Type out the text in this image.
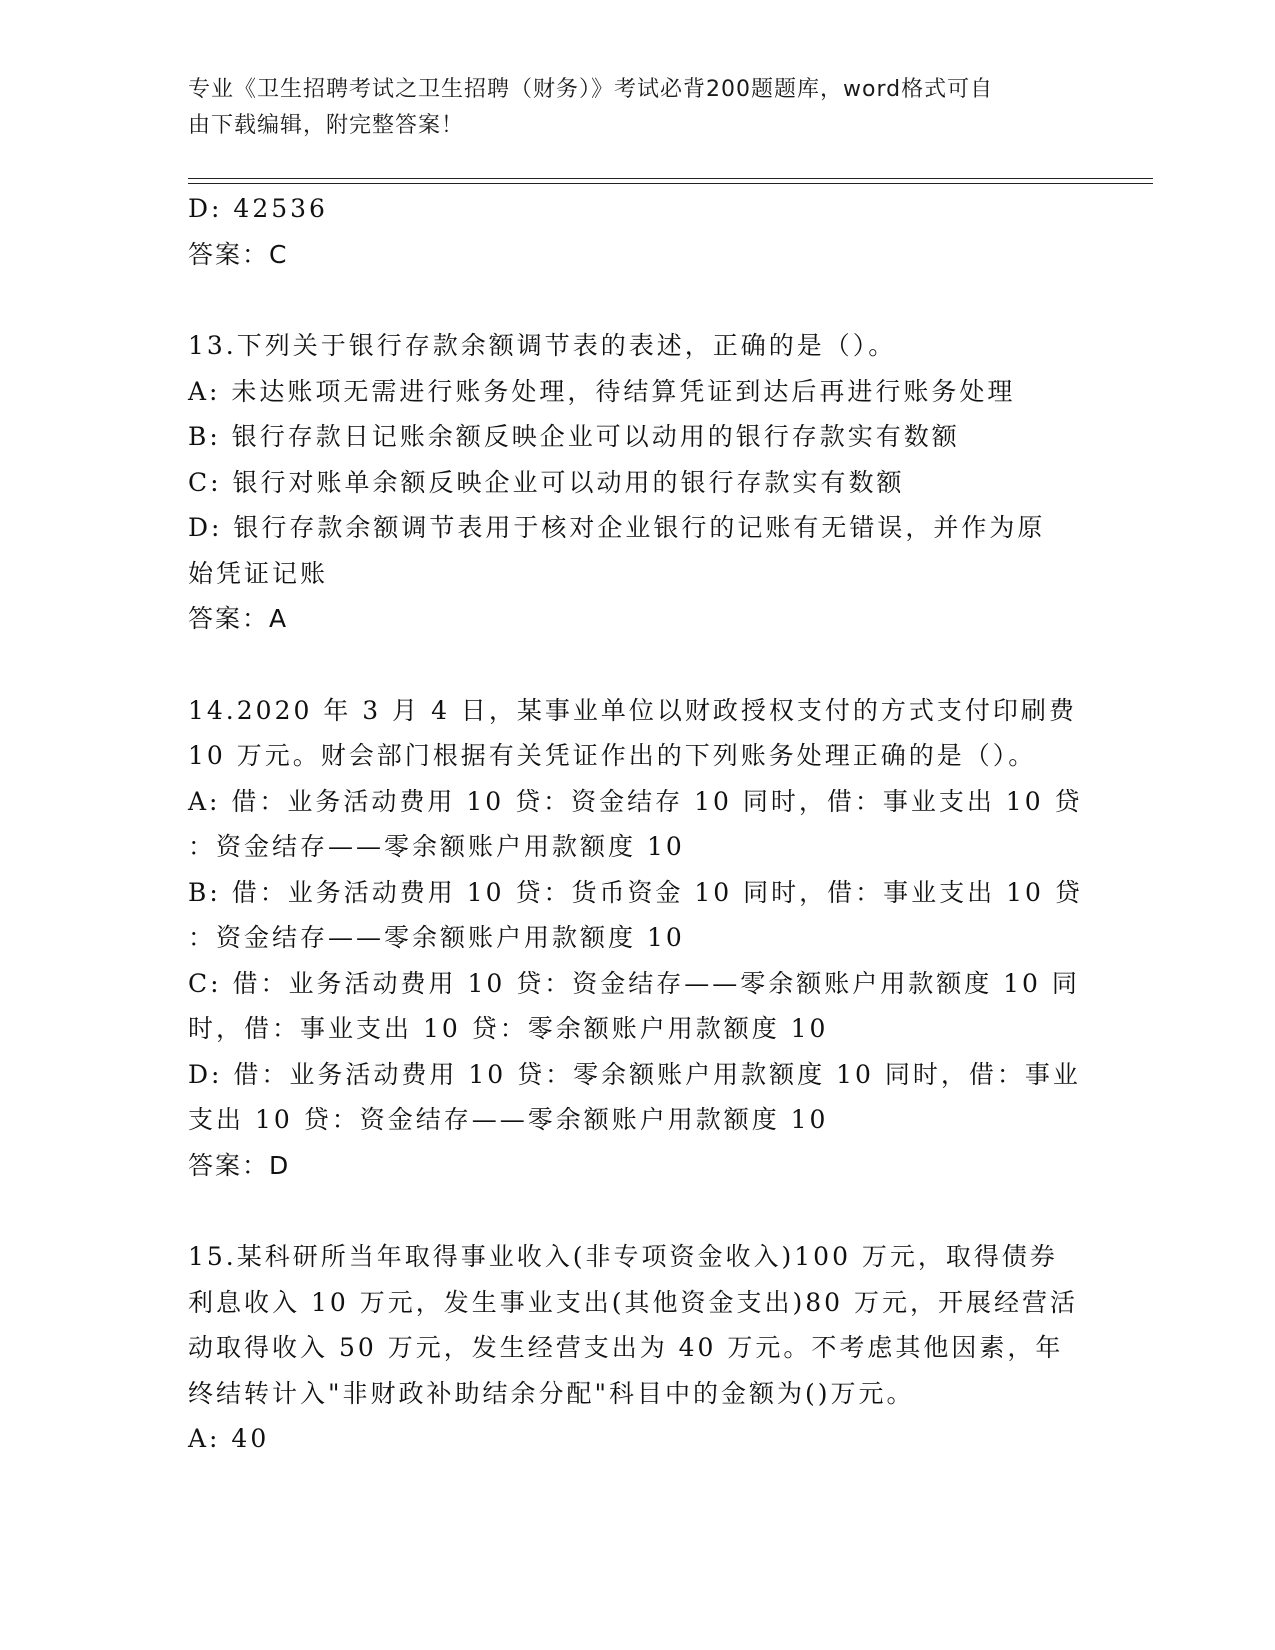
专业《卫生招聘考试之卫生招聘（财务）》考试必背200题题库，word格式可自
由下载编辑，附完整答案！
D: 42536
答案：C
13.下列关于银行存款余额调节表的表述，正确的是（）。
A: 未达账项无需进行账务处理，待结算凭证到达后再进行账务处理
B: 银行存款日记账余额反映企业可以动用的银行存款实有数额
C: 银行对账单余额反映企业可以动用的银行存款实有数额
D: 银行存款余额调节表用于核对企业银行的记账有无错误，并作为原
始凭证记账
答案：A
14.2020 年 3 月 4 日，某事业单位以财政授权支付的方式支付印刷费
10 万元。财会部门根据有关凭证作出的下列账务处理正确的是（）。
A: 借：业务活动费用 10 贷：资金结存 10 同时，借：事业支出 10 贷
：资金结存——零余额账户用款额度 10
B: 借：业务活动费用 10 贷：货币资金 10 同时，借：事业支出 10 贷
：资金结存——零余额账户用款额度 10
C: 借：业务活动费用 10 贷：资金结存——零余额账户用款额度 10 同
时，借：事业支出 10 贷：零余额账户用款额度 10
D: 借：业务活动费用 10 贷：零余额账户用款额度 10 同时，借：事业
支出 10 贷：资金结存——零余额账户用款额度 10
答案：D
15.某科研所当年取得事业收入(非专项资金收入)100 万元，取得债券
利息收入 10 万元，发生事业支出(其他资金支出)80 万元，开展经营活
动取得收入 50 万元，发生经营支出为 40 万元。不考虑其他因素，年
终结转计入"非财政补助结余分配"科目中的金额为()万元。
A: 40
